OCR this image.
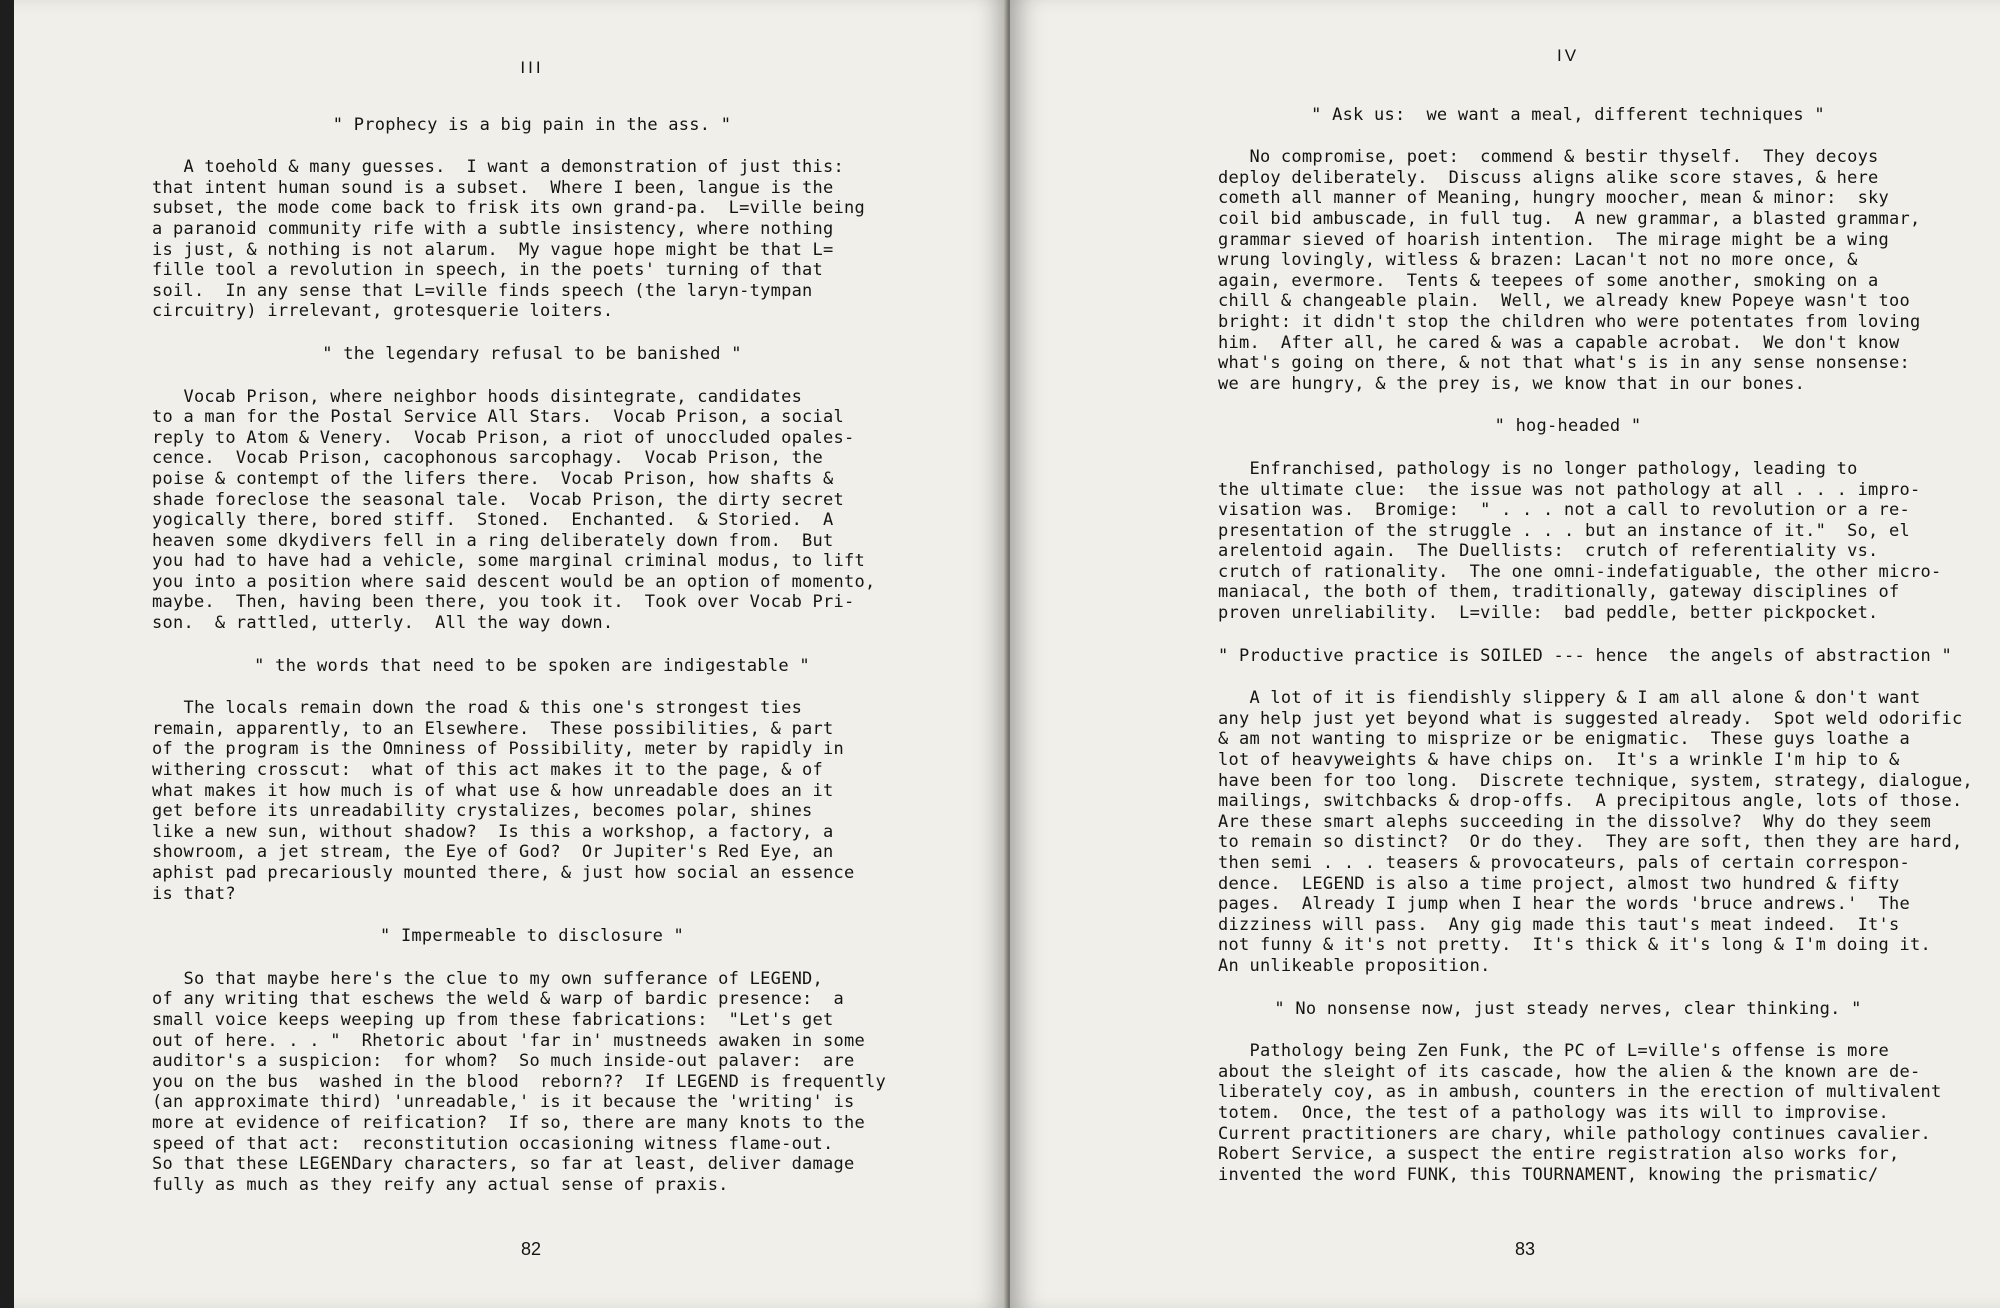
III
" Prophecy is a big pain in the ass. "
A toehold & many guesses.  I want a demonstration of just this:
that intent human sound is a subset.  Where I been, langue is the
subset, the mode come back to frisk its own grand-pa.  L=ville being
a paranoid community rife with a subtle insistency, where nothing
is just, & nothing is not alarum.  My vague hope might be that L=
fille tool a revolution in speech, in the poets' turning of that
soil.  In any sense that L=ville finds speech (the laryn-tympan
circuitry) irrelevant, grotesquerie loiters.
" the legendary refusal to be banished "
Vocab Prison, where neighbor hoods disintegrate, candidates
to a man for the Postal Service All Stars.  Vocab Prison, a social
reply to Atom & Venery.  Vocab Prison, a riot of unoccluded opales-
cence.  Vocab Prison, cacophonous sarcophagy.  Vocab Prison, the
poise & contempt of the lifers there.  Vocab Prison, how shafts &
shade foreclose the seasonal tale.  Vocab Prison, the dirty secret
yogically there, bored stiff.  Stoned.  Enchanted.  & Storied.  A
heaven some dkydivers fell in a ring deliberately down from.  But
you had to have had a vehicle, some marginal criminal modus, to lift
you into a position where said descent would be an option of momento,
maybe.  Then, having been there, you took it.  Took over Vocab Pri-
son.  & rattled, utterly.  All the way down.
" the words that need to be spoken are indigestable "
The locals remain down the road & this one's strongest ties
remain, apparently, to an Elsewhere.  These possibilities, & part
of the program is the Omniness of Possibility, meter by rapidly in
withering crosscut:  what of this act makes it to the page, & of
what makes it how much is of what use & how unreadable does an it
get before its unreadability crystalizes, becomes polar, shines
like a new sun, without shadow?  Is this a workshop, a factory, a
showroom, a jet stream, the Eye of God?  Or Jupiter's Red Eye, an
aphist pad precariously mounted there, & just how social an essence
is that?
" Impermeable to disclosure "
So that maybe here's the clue to my own sufferance of LEGEND,
of any writing that eschews the weld & warp of bardic presence:  a
small voice keeps weeping up from these fabrications:  "Let's get
out of here. . . "  Rhetoric about 'far in' mustneeds awaken in some
auditor's a suspicion:  for whom?  So much inside-out palaver:  are
you on the bus  washed in the blood  reborn??  If LEGEND is frequently
(an approximate third) 'unreadable,' is it because the 'writing' is
more at evidence of reification?  If so, there are many knots to the
speed of that act:  reconstitution occasioning witness flame-out.
So that these LEGENDary characters, so far at least, deliver damage
fully as much as they reify any actual sense of praxis.
82
IV
" Ask us:  we want a meal, different techniques "
No compromise, poet:  commend & bestir thyself.  They decoys
deploy deliberately.  Discuss aligns alike score staves, & here
cometh all manner of Meaning, hungry moocher, mean & minor:  sky
coil bid ambuscade, in full tug.  A new grammar, a blasted grammar,
grammar sieved of hoarish intention.  The mirage might be a wing
wrung lovingly, witless & brazen: Lacan't not no more once, &
again, evermore.  Tents & teepees of some another, smoking on a
chill & changeable plain.  Well, we already knew Popeye wasn't too
bright: it didn't stop the children who were potentates from loving
him.  After all, he cared & was a capable acrobat.  We don't know
what's going on there, & not that what's is in any sense nonsense:
we are hungry, & the prey is, we know that in our bones.
" hog-headed "
Enfranchised, pathology is no longer pathology, leading to
the ultimate clue:  the issue was not pathology at all . . . impro-
visation was.  Bromige:  " . . . not a call to revolution or a re-
presentation of the struggle . . . but an instance of it."  So, el
arelentoid again.  The Duellists:  crutch of referentiality vs.
crutch of rationality.  The one omni-indefatiguable, the other micro-
maniacal, the both of them, traditionally, gateway disciplines of
proven unreliability.  L=ville:  bad peddle, better pickpocket.
" Productive practice is SOILED --- hence  the angels of abstraction "
A lot of it is fiendishly slippery & I am all alone & don't want
any help just yet beyond what is suggested already.  Spot weld odorific
& am not wanting to misprize or be enigmatic.  These guys loathe a
lot of heavyweights & have chips on.  It's a wrinkle I'm hip to &
have been for too long.  Discrete technique, system, strategy, dialogue,
mailings, switchbacks & drop-offs.  A precipitous angle, lots of those.
Are these smart alephs succeeding in the dissolve?  Why do they seem
to remain so distinct?  Or do they.  They are soft, then they are hard,
then semi . . . teasers & provocateurs, pals of certain correspon-
dence.  LEGEND is also a time project, almost two hundred & fifty
pages.  Already I jump when I hear the words 'bruce andrews.'  The
dizziness will pass.  Any gig made this taut's meat indeed.  It's
not funny & it's not pretty.  It's thick & it's long & I'm doing it.
An unlikeable proposition.
" No nonsense now, just steady nerves, clear thinking. "
Pathology being Zen Funk, the PC of L=ville's offense is more
about the sleight of its cascade, how the alien & the known are de-
liberately coy, as in ambush, counters in the erection of multivalent
totem.  Once, the test of a pathology was its will to improvise.
Current practitioners are chary, while pathology continues cavalier.
Robert Service, a suspect the entire registration also works for,
invented the word FUNK, this TOURNAMENT, knowing the prismatic/
83
